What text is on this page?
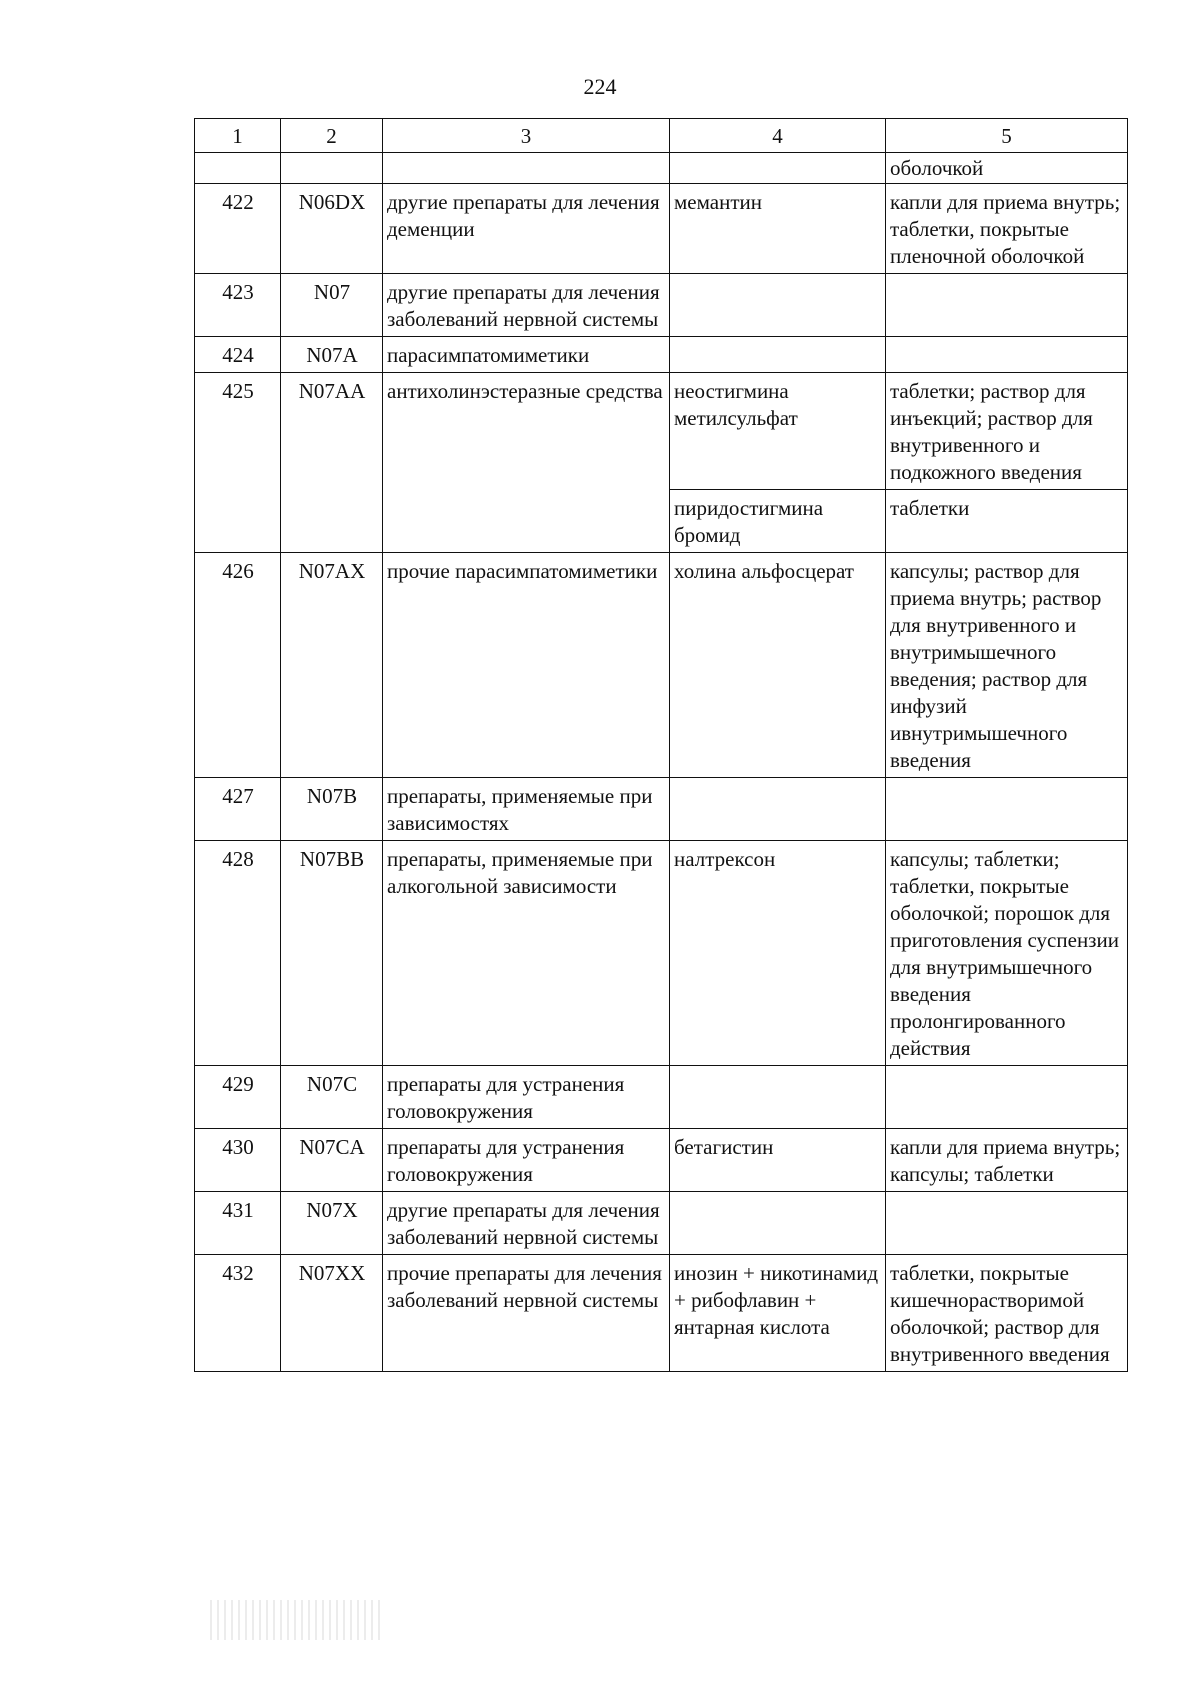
224
1	2	3	4	5
				оболочкой
422	N06DX	другие препараты для лечения деменции	мемантин	капли для приема внутрь; таблетки, покрытые пленочной оболочкой
423	N07	другие препараты для лечения заболеваний нервной системы		
424	N07A	парасимпатомиметики		
425	N07AA	антихолинэстеразные средства	неостигмина метилсульфат	таблетки; раствор для инъекций; раствор для внутривенного и подкожного введения
			пиридостигмина бромид	таблетки
426	N07AX	прочие парасимпатомиметики	холина альфосцерат	капсулы; раствор для приема внутрь; раствор для внутривенного и внутримышечного введения; раствор для инфузий ивнутримышечного введения
427	N07B	препараты, применяемые при зависимостях		
428	N07BB	препараты, применяемые при алкогольной зависимости	налтрексон	капсулы; таблетки; таблетки, покрытые оболочкой; порошок для приготовления суспензии для внутримышечного введения пролонгированного действия
429	N07C	препараты для устранения головокружения		
430	N07CA	препараты для устранения головокружения	бетагистин	капли для приема внутрь; капсулы; таблетки
431	N07X	другие препараты для лечения заболеваний нервной системы		
432	N07XX	прочие препараты для лечения заболеваний нервной системы	инозин + никотинамид + рибофлавин + янтарная кислота	таблетки, покрытые кишечнорастворимой оболочкой; раствор для внутривенного введения
